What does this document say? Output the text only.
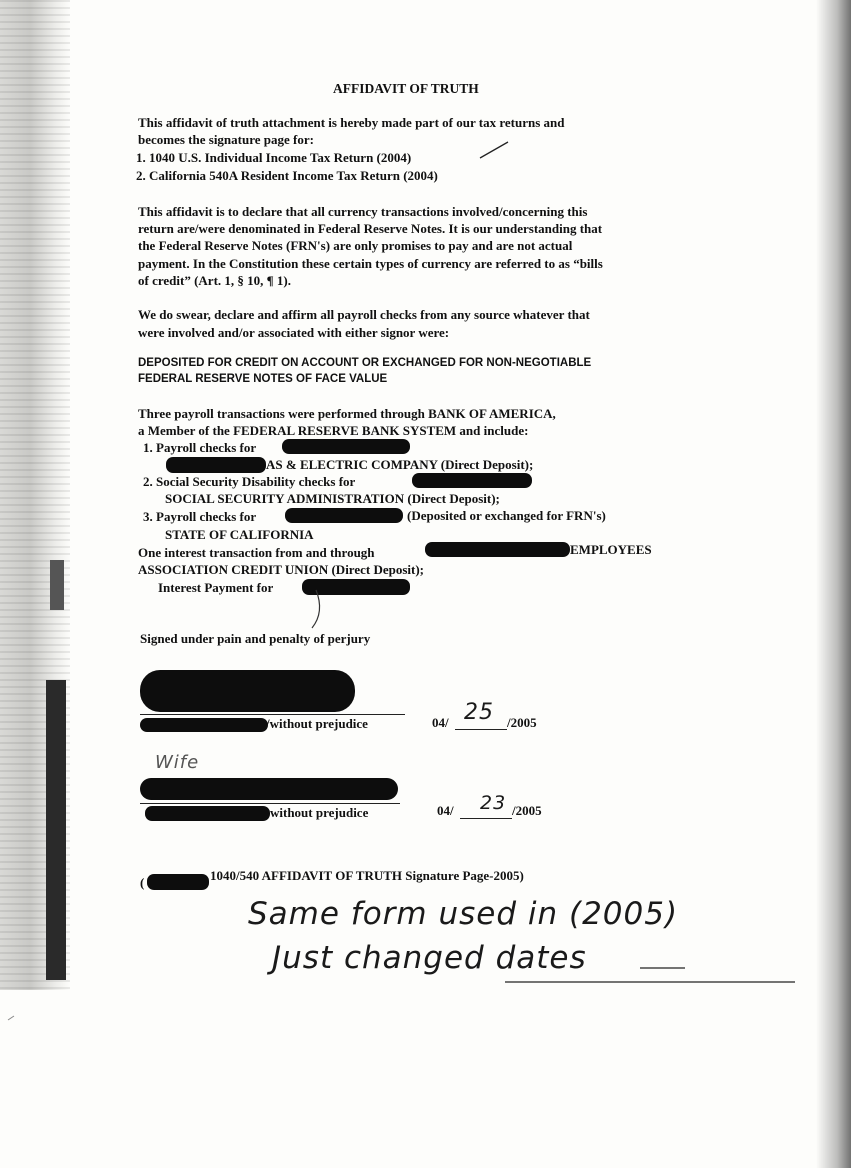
AFFIDAVIT OF TRUTH
This affidavit of truth attachment is hereby made part of our tax returns and
becomes the signature page for:
1. 1040 U.S. Individual Income Tax Return (2004)
2. California 540A Resident Income Tax Return (2004)
This affidavit is to declare that all currency transactions involved/concerning this
return are/were denominated in Federal Reserve Notes. It is our understanding that
the Federal Reserve Notes (FRN's) are only promises to pay and are not actual
payment. In the Constitution these certain types of currency are referred to as “bills
of credit” (Art. 1, § 10, ¶ 1).
We do swear, declare and affirm all payroll checks from any source whatever that
were involved and/or associated with either signor were:
DEPOSITED FOR CREDIT ON ACCOUNT OR EXCHANGED FOR NON-NEGOTIABLE
FEDERAL RESERVE NOTES OF FACE VALUE
Three payroll transactions were performed through BANK OF AMERICA,
a Member of the FEDERAL RESERVE BANK SYSTEM and include:
1. Payroll checks for
AS & ELECTRIC COMPANY (Direct Deposit);
2. Social Security Disability checks for
SOCIAL SECURITY ADMINISTRATION (Direct Deposit);
3. Payroll checks for	(Deposited or exchanged for FRN's)
STATE OF CALIFORNIA
One interest transaction from and through	EMPLOYEES
ASSOCIATION CREDIT UNION (Direct Deposit);
Interest Payment for
Signed under pain and penalty of perjury
/without prejudice	04/ 25 /2005
Wife
without prejudice	04/ 23 /2005
(	1040/540 AFFIDAVIT OF TRUTH Signature Page-2005)
Same form used in (2005)
Just changed dates
